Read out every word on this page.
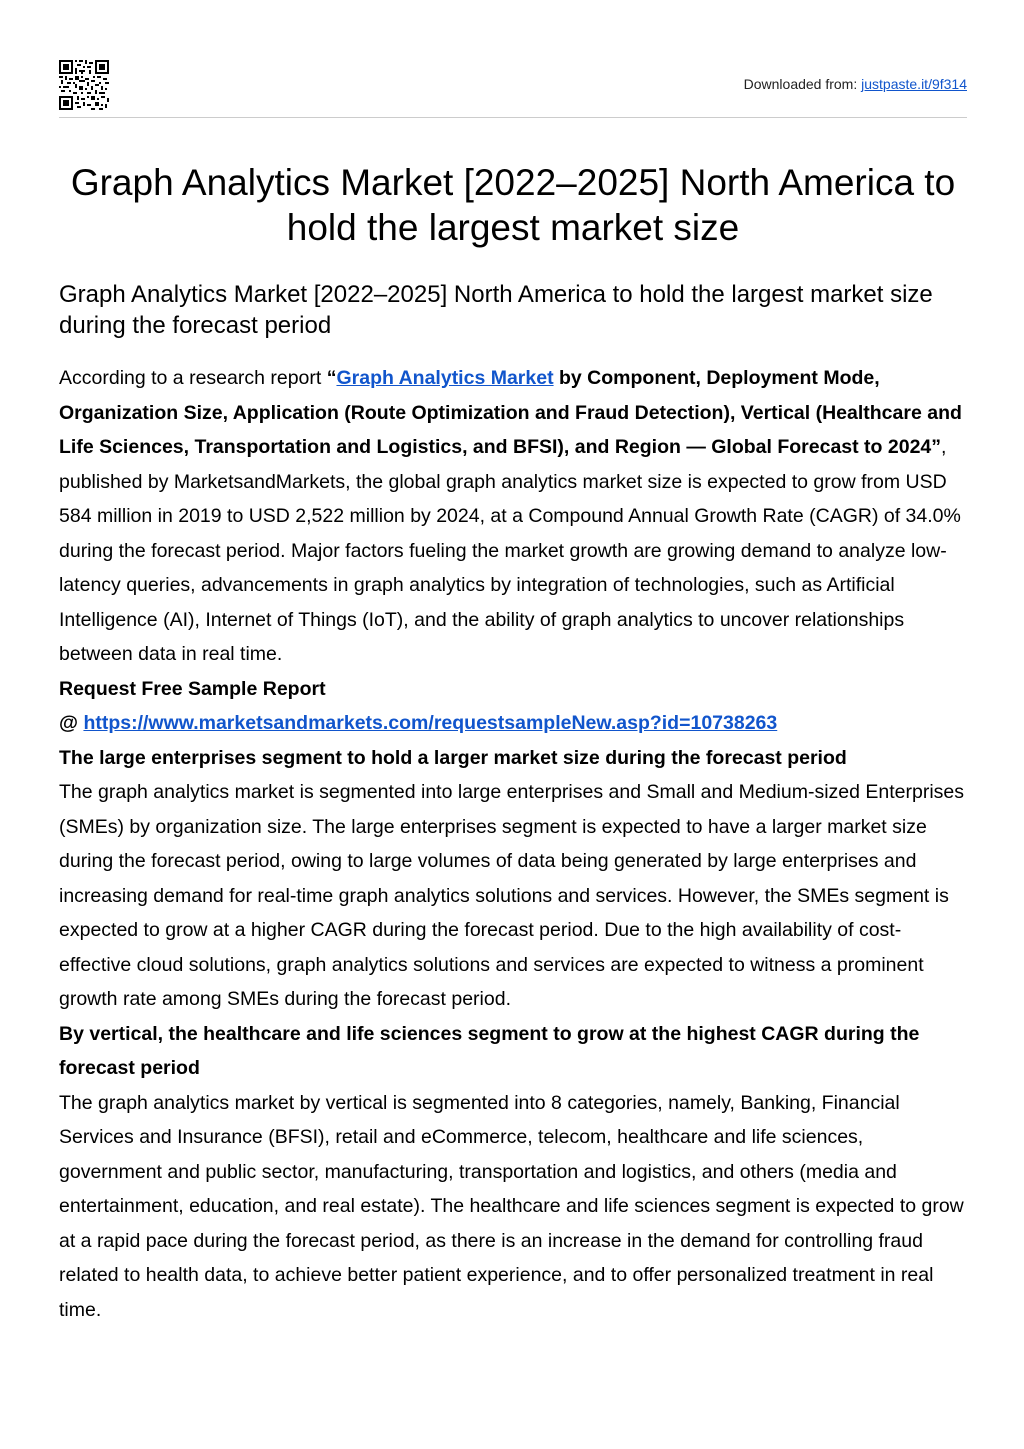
Downloaded from: justpaste.it/9f314
Graph Analytics Market [2022–2025] North America to hold the largest market size
Graph Analytics Market [2022–2025] North America to hold the largest market size during the forecast period

According to a research report “Graph Analytics Market by Component, Deployment Mode, Organization Size, Application (Route Optimization and Fraud Detection), Vertical (Healthcare and Life Sciences, Transportation and Logistics, and BFSI), and Region — Global Forecast to 2024”, published by MarketsandMarkets, the global graph analytics market size is expected to grow from USD 584 million in 2019 to USD 2,522 million by 2024, at a Compound Annual Growth Rate (CAGR) of 34.0% during the forecast period. Major factors fueling the market growth are growing demand to analyze low-latency queries, advancements in graph analytics by integration of technologies, such as Artificial Intelligence (AI), Internet of Things (IoT), and the ability of graph analytics to uncover relationships between data in real time.

Request Free Sample Report

@ https://www.marketsandmarkets.com/requestsampleNew.asp?id=10738263

The large enterprises segment to hold a larger market size during the forecast period

The graph analytics market is segmented into large enterprises and Small and Medium-sized Enterprises (SMEs) by organization size. The large enterprises segment is expected to have a larger market size during the forecast period, owing to large volumes of data being generated by large enterprises and increasing demand for real-time graph analytics solutions and services. However, the SMEs segment is expected to grow at a higher CAGR during the forecast period. Due to the high availability of cost-effective cloud solutions, graph analytics solutions and services are expected to witness a prominent growth rate among SMEs during the forecast period.

By vertical, the healthcare and life sciences segment to grow at the highest CAGR during the forecast period

The graph analytics market by vertical is segmented into 8 categories, namely, Banking, Financial Services and Insurance (BFSI), retail and eCommerce, telecom, healthcare and life sciences, government and public sector, manufacturing, transportation and logistics, and others (media and entertainment, education, and real estate). The healthcare and life sciences segment is expected to grow at a rapid pace during the forecast period, as there is an increase in the demand for controlling fraud related to health data, to achieve better patient experience, and to offer personalized treatment in real time.
